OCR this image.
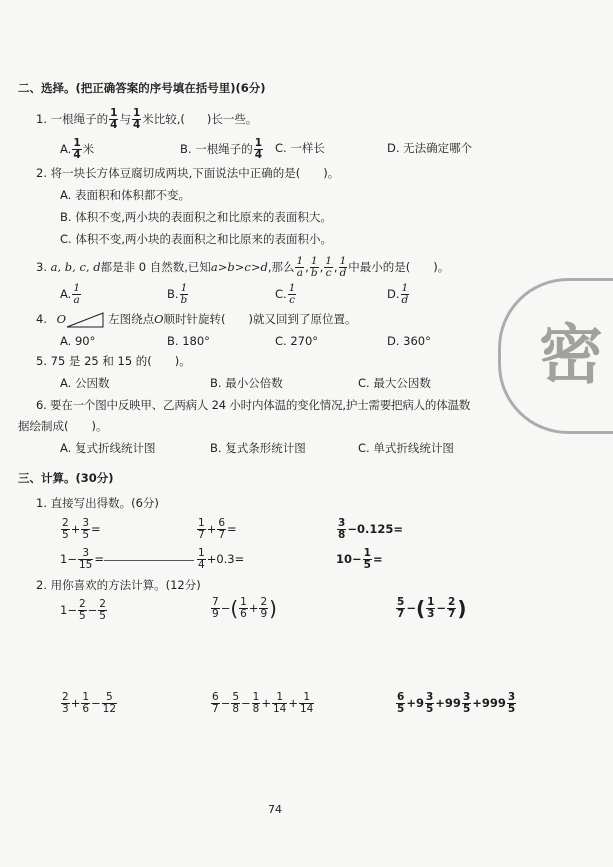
二、选择。(把正确答案的序号填在括号里)(6分)
1. 一根绳子的 $\frac{1}{4}$ 与 $\frac{1}{4}$ 米比较,( )长一些。
A. $\frac{1}{4}$ 米	B. 一根绳子的 $\frac{1}{4} C$. 一样长	D. 无法确定哪个
2. 将一块长方体豆腐切成两块,下面说法中正确的是(　　)。
A. 表面积和体积都不变。
B. 体积不变,两小块的表面积之和比原来的表面积大。
C. 体积不变,两小块的表面积之和比原来的表面积小。
3. a, b, c, d都是非 0 自然数,已知a>b>c>d,那么 $\frac{1}{a}$ , $\frac{1}{b}$ , $\frac{1}{c}$ , $\frac{1}{d}$ 中最小的是(　　)。
A. $\frac{1}{a}$	B. $\frac{1}{b}$	C. $\frac{1}{c}$	D. $\frac{1}{d}$
4. O	左图绕点O顺时针旋转(　　)就又回到了原位置。
A. 90°	B. 180°	C. 270°	D. 360°
5. 75 是 25 和 15 的(　　)。
A. 公因数	B. 最小公倍数	C. 最大公因数
6. 要在一个图中反映甲、乙两病人 24 小时内体温的变化情况,护士需要把病人的体温数
据绘制成(　　)。
A. 复式折线统计图	B. 复式条形统计图	C. 单式折线统计图
密
三、计算。(30分)
1. 直接写出得数。(6分)
$\frac{2}{5} + \frac{3}{5}$ =	$\frac{1}{7} + \frac{6}{7}$ =	$\frac{3}{8} -0.125=$
$1- \frac{3}{15}$ =	$\frac{1}{4} +0.3=$	$10- \frac{1}{5}$ =
2. 用你喜欢的方法计算。(12分)
$1- \frac{2}{5} - \frac{2}{5}$	$\frac{7}{9}$ −( $\frac{1}{6} + \frac{2}{9}$ )	$\frac{5}{7}$ −( $\frac{1}{3} - \frac{2}{7}$ )
$\frac{2}{3} + \frac{1}{6} - \frac{5}{12}$	$\frac{6}{7} - \frac{5}{8} - \frac{1}{8} + \frac{1}{14} + \frac{1}{14}$	$\frac{6}{5} +9 \frac{3}{5} +99 \frac{3}{5} +999 \frac{3}{5}$
74
